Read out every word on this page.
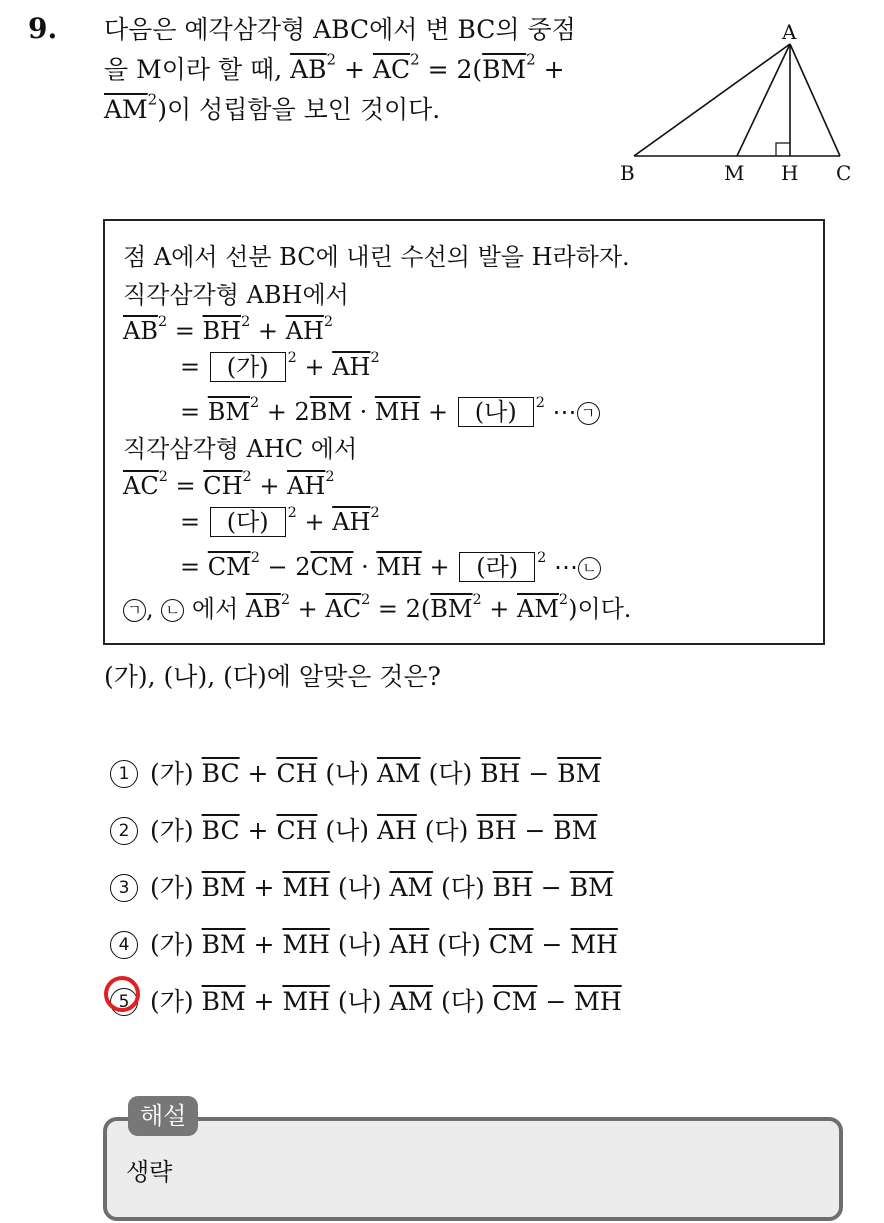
9. 다음은 예각삼각형 ABC에서 변 BC의 중점
을 M이라 할 때, $\overline{AB}^2 + \overline{AC}^2 = 2(\overline{BM}^2$ +
$\overline{AM}^2$)이 성립함을 보인 것이다.
A
B	M H C
점 A에서 선분 BC에 내린 수선의 발을 H라하자.
직각삼각형 ABH에서
$\overline{AB}^2 = \overline{BH}^2 + \overline{AH}^2$
= (가) $^2 + \overline{AH}^2$
= $\overline{BM}^2 + 2\overline{BM} \cdot \overline{MH}$ + (나) $^2$ ⋯ ㄱ
직각삼각형 AHC 에서
$\overline{AC}^2 = \overline{CH}^2 + \overline{AH}^2$
= (다) $^2 + \overline{AH}^2$
= $\overline{CM}^2 - 2\overline{CM} \cdot \overline{MH}$ + (라) $^2$ ⋯ ㄴ
ㄱ , ㄴ 에서 $\overline{AB}^2 + \overline{AC}^2 = 2(\overline{BM}^2 + \overline{AM}^2)$이다.
(가), (나), (다)에 알맞은 것은?
1 (가) $\overline{BC} + \overline{CH}$ (나) $\overline{AM}$ (다) $\overline{BH} - \overline{BM}$
2 (가) $\overline{BC} + \overline{CH}$ (나) $\overline{AH}$ (다) $\overline{BH} - \overline{BM}$
3 (가) $\overline{BM} + \overline{MH}$ (나) $\overline{AM}$ (다) $\overline{BH} - \overline{BM}$
4 (가) $\overline{BM} + \overline{MH}$ (나) $\overline{AH}$ (다) $\overline{CM} - \overline{MH}$
5 (가) $\overline{BM} + \overline{MH}$ (나) $\overline{AM}$ (다) $\overline{CM} - \overline{MH}$
해설
생략
